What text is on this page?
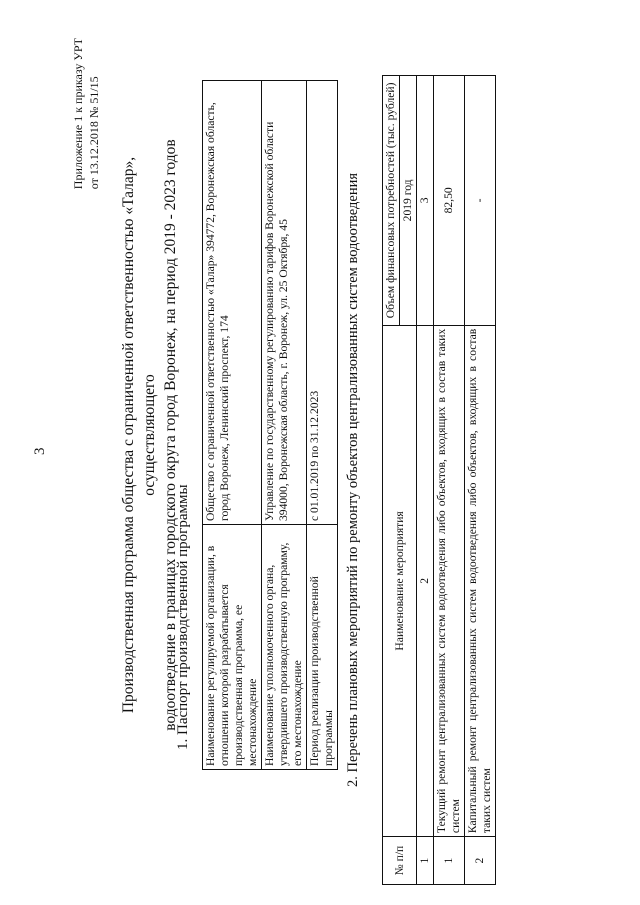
3
Приложение 1 к приказу УРТ от 13.12.2018 № 51/15
Производственная программа общества с ограниченной ответственностью «Талар», осуществляющего водоотведение в границах городского округа город Воронеж, на период 2019 - 2023 годов
1. Паспорт производственной программы Наименование регулируемой организации, в отношении которой разрабатывается производственная программа, ее местонахождение	Общество с ограниченной ответственностью «Талар» 394772, Воронежская область, город Воронеж, Ленинский проспект, 174
Наименование уполномоченного органа, утвердившего производственную программу, его местонахождение	Управление по государственному регулированию тарифов Воронежской области 394000, Воронежская область, г. Воронеж, ул. 25 Октября, 45
Период реализации производственной программы	с 01.01.2019 по 31.12.2023 2. Перечень плановых мероприятий по ремонту объектов централизованных систем водоотведения
№ п/п	Наименование мероприятия	Объем финансовых потребностей (тыс. рублей)
		2019 год
1	2	3
1	Текущий ремонт централизованных систем водоотведения либо объектов, входящих в состав таких систем	82,50
2	Капитальный ремонт централизованных систем водоотведения либо объектов, входящих в состав таких систем	-
